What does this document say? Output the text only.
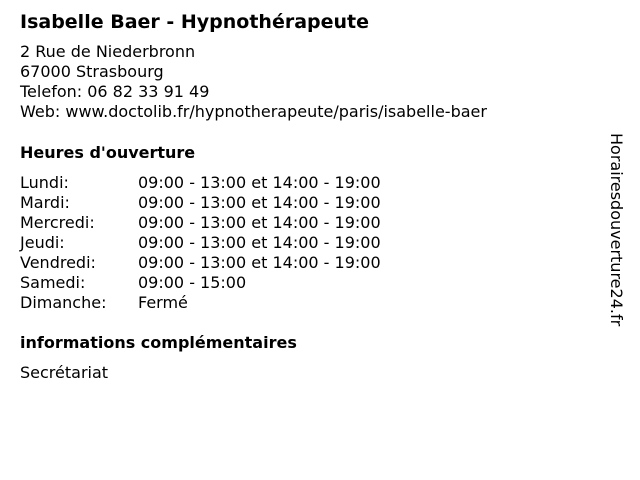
Isabelle Baer - Hypnothérapeute
2 Rue de Niederbronn
67000 Strasbourg
Telefon: 06 82 33 91 49
Web: www.doctolib.fr/hypnotherapeute/paris/isabelle-baer
Heures d'ouverture
Lundi:	09:00 - 13:00 et 14:00 - 19:00
Mardi:	09:00 - 13:00 et 14:00 - 19:00
Mercredi:	09:00 - 13:00 et 14:00 - 19:00
Jeudi:	09:00 - 13:00 et 14:00 - 19:00
Vendredi:	09:00 - 13:00 et 14:00 - 19:00
Samedi:	09:00 - 15:00
Dimanche:	Fermé
informations complémentaires
Secrétariat
Horairesdouverture24.fr
